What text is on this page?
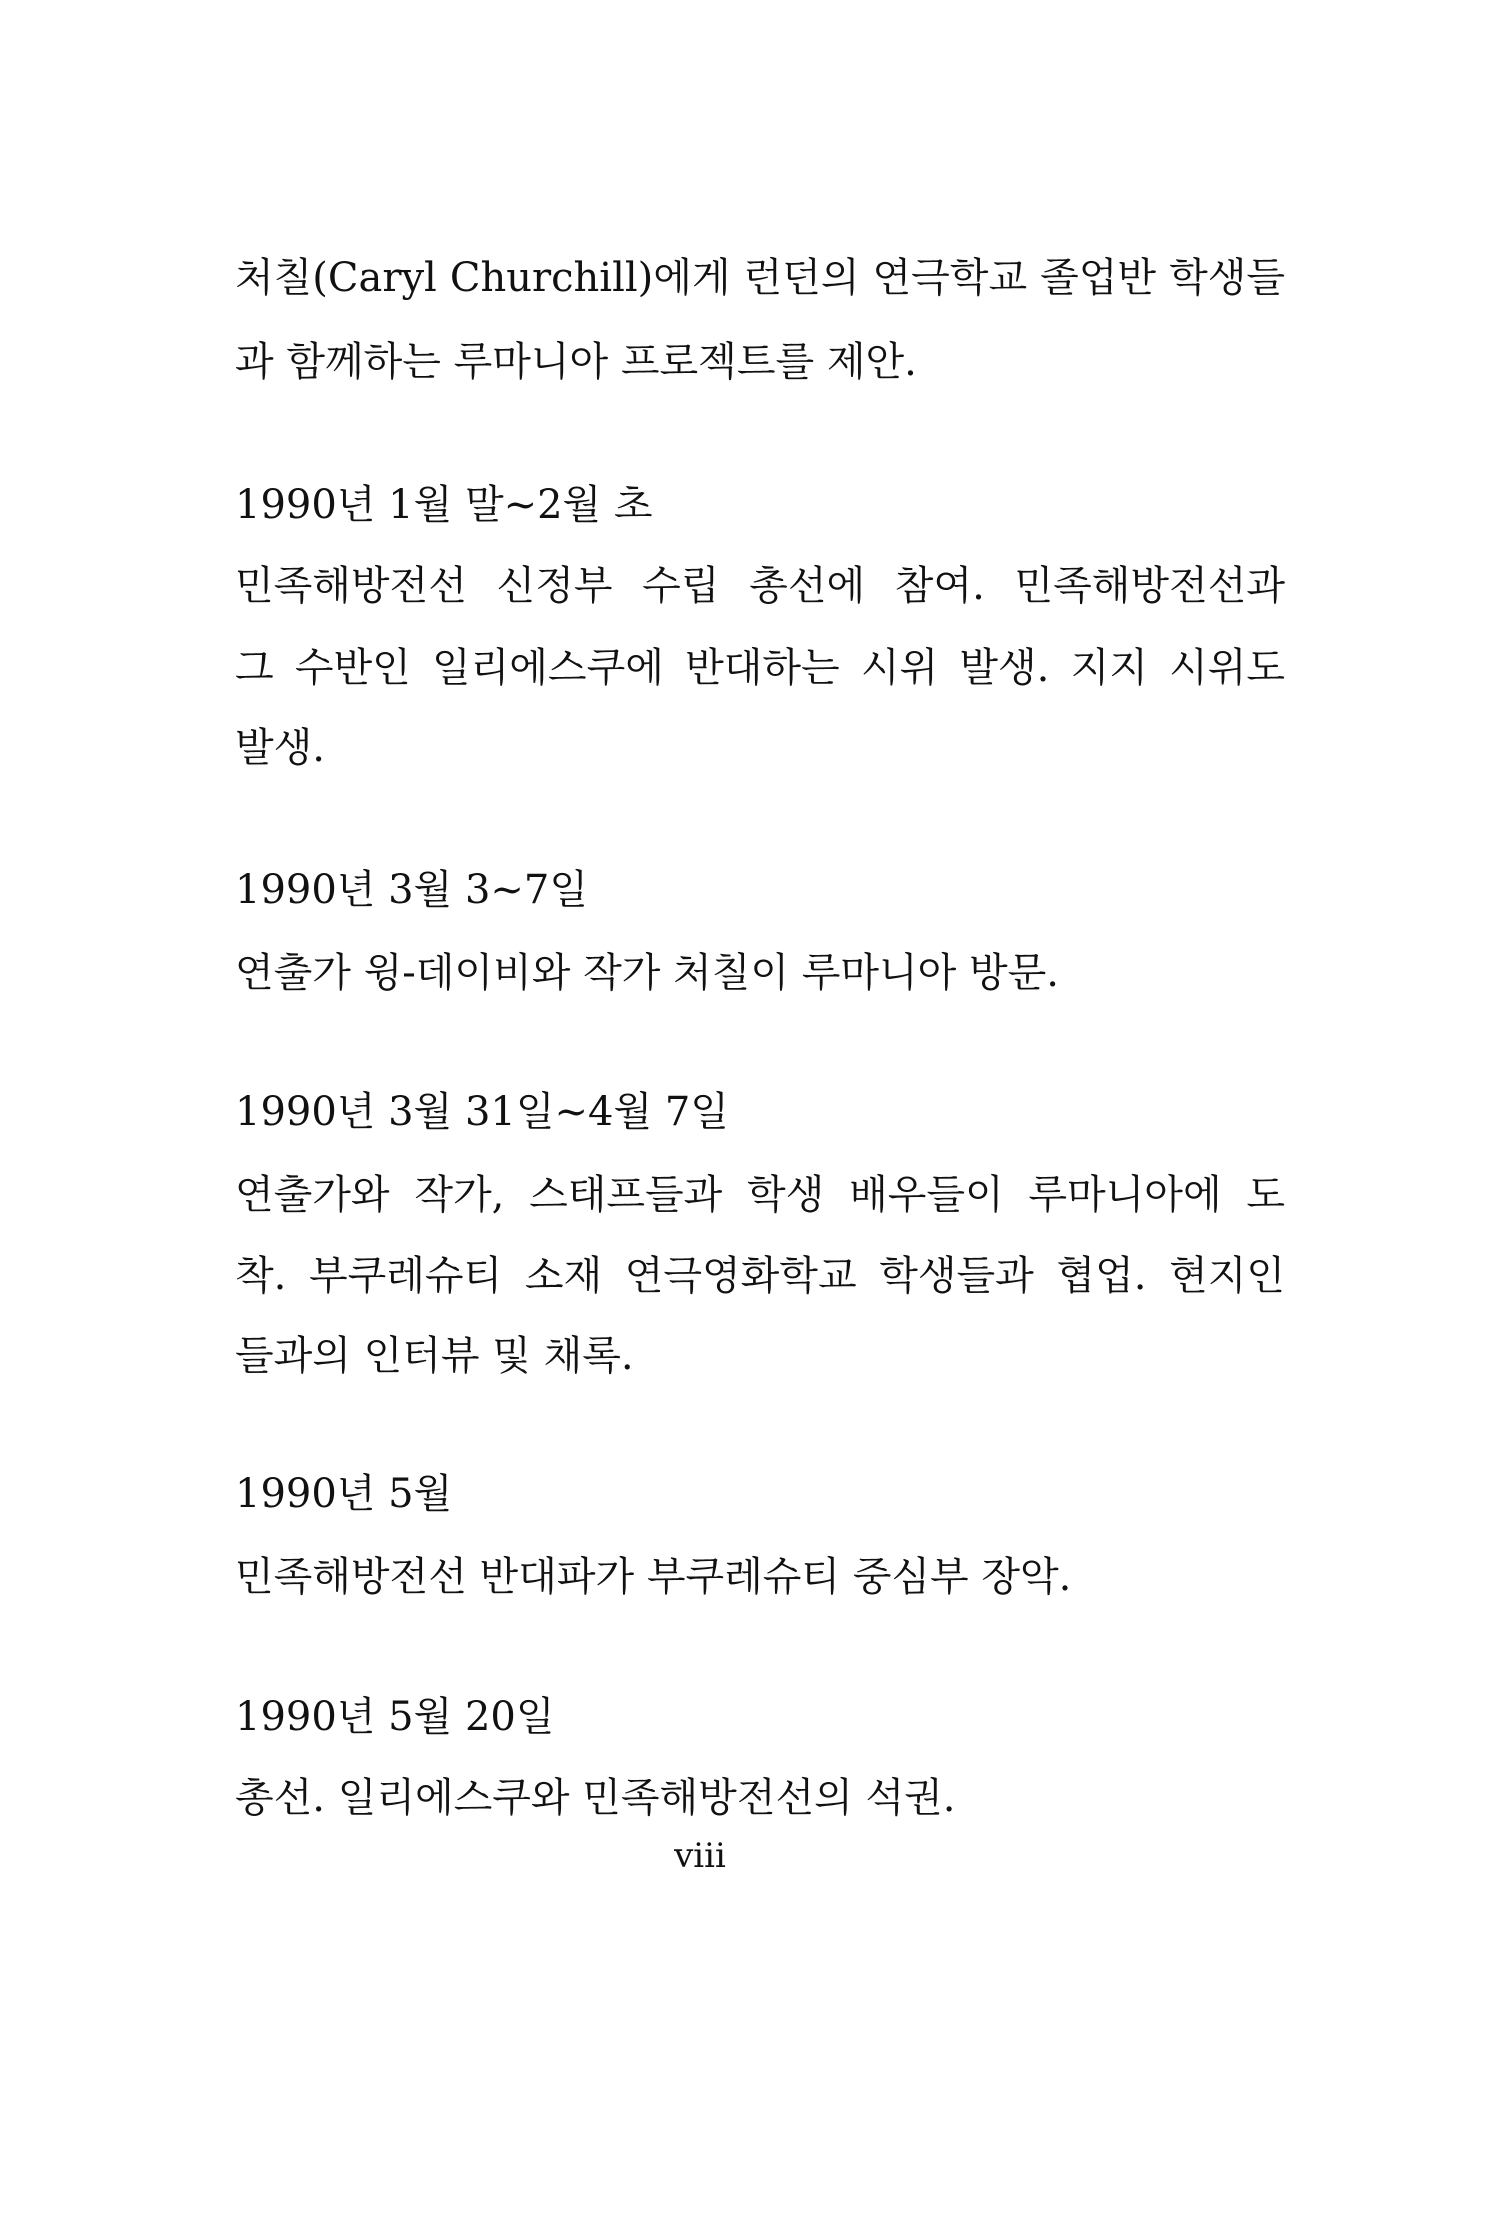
처칠(Caryl Churchill)에게 런던의 연극학교 졸업반 학생들
과 함께하는 루마니아 프로젝트를 제안.
1990년 1월 말~2월 초
민족해방전선 신정부 수립 총선에 참여. 민족해방전선과
그 수반인 일리에스쿠에 반대하는 시위 발생. 지지 시위도
발생.
1990년 3월 3~7일
연출가 윙-데이비와 작가 처칠이 루마니아 방문.
1990년 3월 31일~4월 7일
연출가와 작가, 스태프들과 학생 배우들이 루마니아에 도
착. 부쿠레슈티 소재 연극영화학교 학생들과 협업. 현지인
들과의 인터뷰 및 채록.
1990년 5월
민족해방전선 반대파가 부쿠레슈티 중심부 장악.
1990년 5월 20일
총선. 일리에스쿠와 민족해방전선의 석권.
viii
